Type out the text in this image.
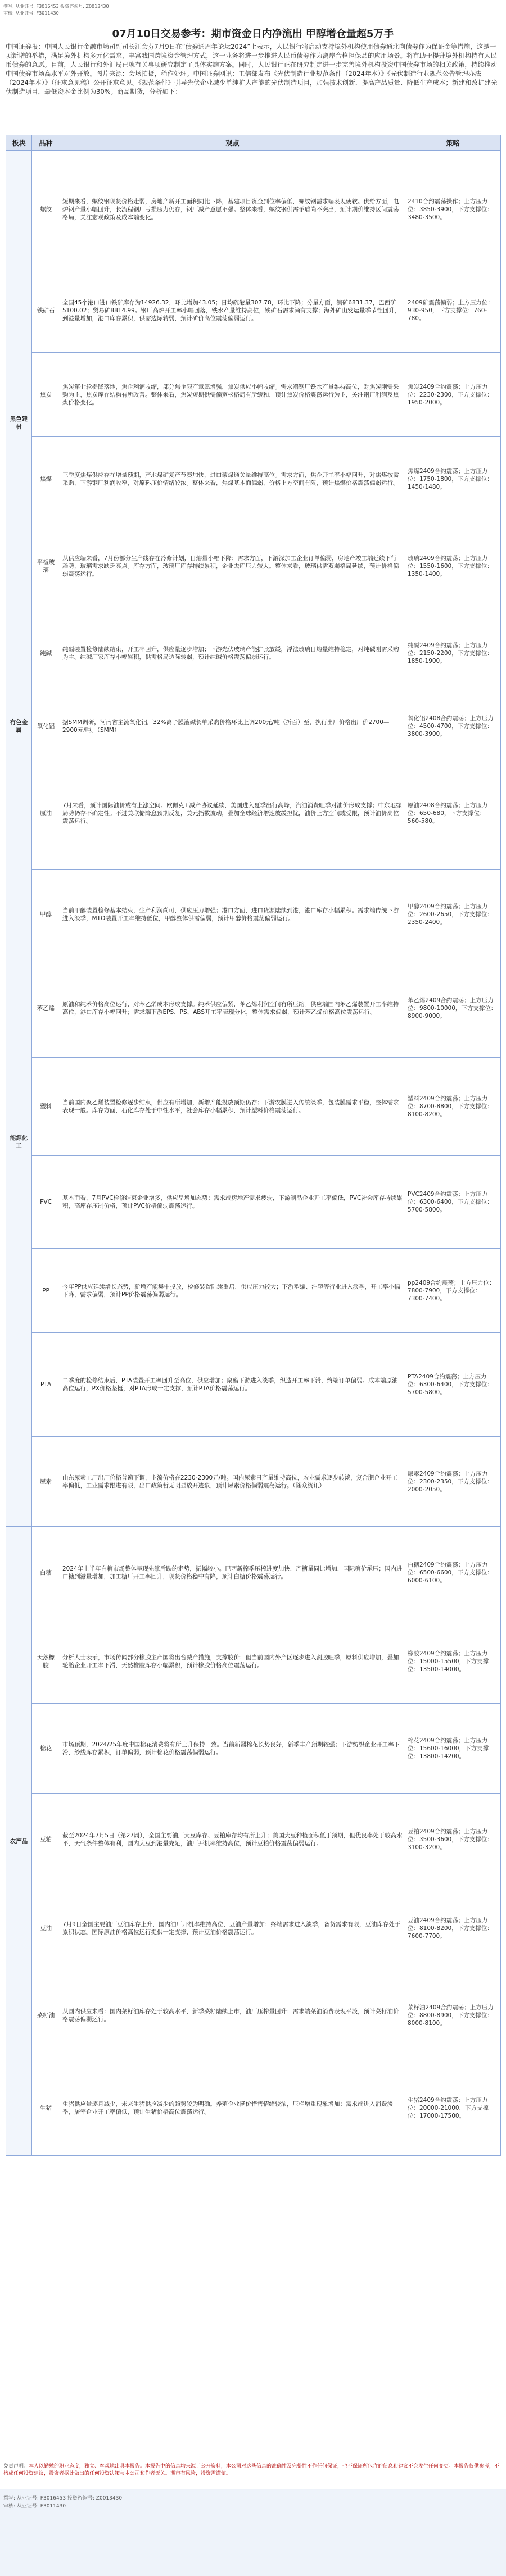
撰写: 从业证号: F3016453 投资咨询号: Z0013430
审核: 从业证号: F3011430
07月10日交易参考：期市资金日内净流出 甲醇增仓量超5万手
中国证券报：中国人民银行金融市场司副司长江会芬7月9日在“债券通周年论坛2024”上表示，人民银行将启动支持境外机构使用债券通北向债券作为保证金等措施，这是一项新增的举措，满足境外机构多元化需求，丰富我国跨境资金管理方式，这一业务将进一步推进人民币债券作为离岸合格担保品的应用场景。将有助于提升境外机构持有人民币债券的意愿。目前，人民银行和外汇局已就有关事项研究制定了具体实施方案。同时，人民银行正在研究制定进一步完善境外机构投资中国债券市场的相关政策，持续推动中国债券市场高水平对外开放。图片来源：会场拍摄，稍作处理。中国证券网讯：工信部发布《光伏制造行业规范条件（2024年本）》《光伏制造行业规范公告管理办法（2024年本）》（征求意见稿）公开征求意见。《规范条件》引导光伏企业减少单纯扩大产能的光伏制造项目，加强技术创新、提高产品质量、降低生产成本；新建和改扩建光伏制造项目，最低资本金比例为30%。商品期货，分析如下：
板块	品种	观点	策略
黑色建材	螺纹	短期来看，螺纹钢现货价格走弱，房地产新开工面积同比下降，基建项目资金到位率偏低，螺纹钢需求端表现疲软。供给方面，电炉钢产量小幅回升，长流程钢厂亏损压力仍存，钢厂减产意愿不强。整体来看，螺纹钢供需矛盾尚不突出，预计期价维持区间震荡格局，关注宏观政策及成本端变化。	2410合约震荡操作；上方压力位：3850-3900，下方支撑位：3480-3500。
	铁矿石	全国45个港口进口铁矿库存为14926.32，环比增加43.05；日均疏港量307.78，环比下降；分量方面，澳矿6831.37，巴西矿5100.02；贸易矿8814.99。钢厂高炉开工率小幅回落，铁水产量维持高位，铁矿石需求尚有支撑；海外矿山发运量季节性回升，到港量增加，港口库存累积，供需边际转弱，预计矿价高位震荡偏弱运行。	2409矿震荡偏弱；上方压力位：930-950，下方支撑位：760-780。
	焦炭	焦炭第七轮提降落地，焦企利润收缩，部分焦企限产意愿增强，焦炭供应小幅收缩。需求端钢厂铁水产量维持高位，对焦炭刚需采购为主，焦炭库存结构有所改善。整体来看，焦炭短期供需偏宽松格局有所缓和，预计焦炭价格震荡运行为主，关注钢厂利润及焦煤价格变化。	焦炭2409合约震荡；上方压力位：2230-2300，下方支撑位：1950-2000。
	焦煤	三季度焦煤供应存在增量预期，产地煤矿复产节奏加快，进口蒙煤通关量维持高位。需求方面，焦企开工率小幅回升，对焦煤按需采购，下游钢厂利润收窄，对原料压价情绪较浓。整体来看，焦煤基本面偏弱，价格上方空间有限，预计焦煤价格震荡偏弱运行。	焦煤2409合约震荡；上方压力位：1750-1800，下方支撑位：1450-1480。
	平板玻璃	从供应端来看，7月份部分生产线存在冷修计划，日熔量小幅下降；需求方面，下游深加工企业订单偏弱，房地产竣工端延续下行趋势，玻璃需求缺乏亮点。库存方面，玻璃厂库存持续累积，企业去库压力较大。整体来看，玻璃供需双弱格局延续，预计价格偏弱震荡运行。	玻璃2409合约震荡；上方压力位：1550-1600，下方支撑位：1350-1400。
	纯碱	纯碱装置检修陆续结束，开工率回升，供应量逐步增加；下游光伏玻璃产能扩张放缓，浮法玻璃日熔量维持稳定，对纯碱刚需采购为主。纯碱厂家库存小幅累积，供需格局边际转弱，预计纯碱价格震荡偏弱运行。	纯碱2409合约震荡；上方压力位：2150-2200，下方支撑位：1850-1900。
有色金属	氧化铝	据SMM调研，河南省主流氧化铝厂32%离子膜液碱长单采购价格环比上调200元/吨（折百）至，执行出厂价格出厂价2700—2900元/吨。（SMM）	氧化铝2408合约震荡；上方压力位：4500-4700，下方支撑位：3800-3900。
能源化工	原油	7月来看，预计国际油价或有上涨空间。欧佩克+减产协议延续，美国进入夏季出行高峰，汽油消费旺季对油价形成支撑；中东地缘局势仍存不确定性。不过美联储降息预期反复，美元指数波动，叠加全球经济增速放缓担忧，油价上方空间或受限，预计油价高位震荡运行。	原油2408合约震荡；上方压力位：650-680，下方支撑位：560-580。
	甲醇	当前甲醇装置检修基本结束，生产利润尚可，供应压力增强；港口方面，进口货源陆续到港，港口库存小幅累积。需求端传统下游进入淡季，MTO装置开工率维持低位，甲醇整体供需偏弱，预计甲醇价格震荡偏弱运行。	甲醇2409合约震荡；上方压力位：2600-2650，下方支撑位：2350-2400。
	苯乙烯	原油和纯苯价格高位运行，对苯乙烯成本形成支撑。纯苯供应偏紧，苯乙烯利润空间有所压缩。供应端国内苯乙烯装置开工率维持高位，港口库存小幅回升；需求端下游EPS、PS、ABS开工率表现分化，整体需求偏弱，预计苯乙烯价格高位震荡运行。	苯乙烯2409合约震荡；上方压力位：9800-10000，下方支撑位：8900-9000。
	塑料	当前国内聚乙烯装置检修逐步结束，供应有所增加，新增产能投放预期仍存；下游农膜进入传统淡季，包装膜需求平稳，整体需求表现一般。库存方面，石化库存处于中性水平，社会库存小幅累积，预计塑料价格震荡运行。	塑料2409合约震荡；上方压力位：8700-8800，下方支撑位：8100-8200。
	PVC	基本面看，7月PVC检修结束企业增多，供应呈增加态势；需求端房地产需求疲弱，下游制品企业开工率偏低，PVC社会库存持续累积，高库存压制价格，预计PVC价格偏弱震荡运行。	PVC2409合约震荡；上方压力位：6300-6400，下方支撑位：5700-5800。
	PP	今年PP供应延续增长态势，新增产能集中投放，检修装置陆续重启，供应压力较大；下游塑编、注塑等行业进入淡季，开工率小幅下降，需求偏弱，预计PP价格震荡偏弱运行。	pp2409合约震荡；上方压力位：7800-7900，下方支撑位：7300-7400。
	PTA	二季度的检修结束后，PTA装置开工率回升至高位，供应增加；聚酯下游进入淡季，织造开工率下滑，终端订单偏弱。成本端原油高位运行，PX价格坚挺，对PTA形成一定支撑，预计PTA价格震荡运行。	PTA2409合约震荡；上方压力位：6300-6400，下方支撑位：5700-5800。
	尿素	山东尿素工厂出厂价格普遍下调，主流价格在2230-2300元/吨。国内尿素日产量维持高位，农业需求逐步转淡，复合肥企业开工率偏低，工业需求跟进有限，出口政策暂无明显放开迹象，预计尿素价格偏弱震荡运行。（隆众资讯）	尿素2409合约震荡；上方压力位：2300-2350，下方支撑位：2000-2050。
农产品	白糖	2024年上半年白糖市场整体呈现先涨后跌的走势，振幅较小。巴西新榨季压榨进度加快，产糖量同比增加，国际糖价承压；国内进口糖到港量增加，加工糖厂开工率回升，现货价格稳中有降，预计白糖价格震荡运行。	白糖2409合约震荡；上方压力位：6500-6600，下方支撑位：6000-6100。
	天然橡胶	分析人士表示，市场传闻部分橡胶主产国将出台减产措施，支撑胶价；但当前国内外产区逐步进入割胶旺季，原料供应增加，叠加轮胎企业开工率下滑，天然橡胶库存小幅累积，预计橡胶价格高位震荡运行。	橡胶2409合约震荡；上方压力位：15000-15500，下方支撑位：13500-14000。
	棉花	市场预期，2024/25年度中国棉花消费将有所上升保持一致。当前新疆棉花长势良好，新季丰产预期较强；下游纺织企业开工率下滑，纱线库存累积，订单偏弱，预计棉花价格震荡偏弱运行。	棉花2409合约震荡；上方压力位：15600-16000，下方支撑位：13800-14200。
	豆粕	截至2024年7月5日（第27周），全国主要油厂大豆库存、豆粕库存均有所上升；美国大豆种植面积低于预期，但优良率处于较高水平，天气条件整体有利，国内大豆到港量充足，油厂开机率维持高位，预计豆粕价格震荡偏弱运行。	豆粕2409合约震荡；上方压力位：3500-3600，下方支撑位：3100-3200。
	豆油	7月9日全国主要油厂豆油库存上升，国内油厂开机率维持高位，豆油产量增加；终端需求进入淡季，备货需求有限，豆油库存处于累积状态。国际原油价格高位运行提供一定支撑，预计豆油价格震荡运行。	豆油2409合约震荡；上方压力位：8100-8200，下方支撑位：7600-7700。
	菜籽油	从国内供应来看：国内菜籽油库存处于较高水平，新季菜籽陆续上市，油厂压榨量回升；需求端菜油消费表现平淡，预计菜籽油价格震荡偏弱运行。	菜籽油2409合约震荡；上方压力位：8800-8900，下方支撑位：8000-8100。
	生猪	生猪供应量逐月减少，未来生猪供应减少的趋势较为明确。养殖企业挺价惜售情绪较浓，压栏增重现象增加；需求端进入消费淡季，屠宰企业开工率偏低，预计生猪价格高位震荡运行。	生猪2409合约震荡；上方压力位：20000-21000，下方支撑位：17000-17500。
免责声明：本人以勤勉的职业态度，独立、客观地出具本报告。本报告中的信息均来源于公开资料，本公司对这些信息的准确性及完整性不作任何保证，也不保证所包含的信息和建议不会发生任何变更。本报告仅供参考，不构成任何投资建议，投资者据此做出的任何投资决策与本公司和作者无关。期市有风险，投资需谨慎。
撰写: 从业证号: F3016453 投资咨询号: Z0013430
审核: 从业证号: F3011430
